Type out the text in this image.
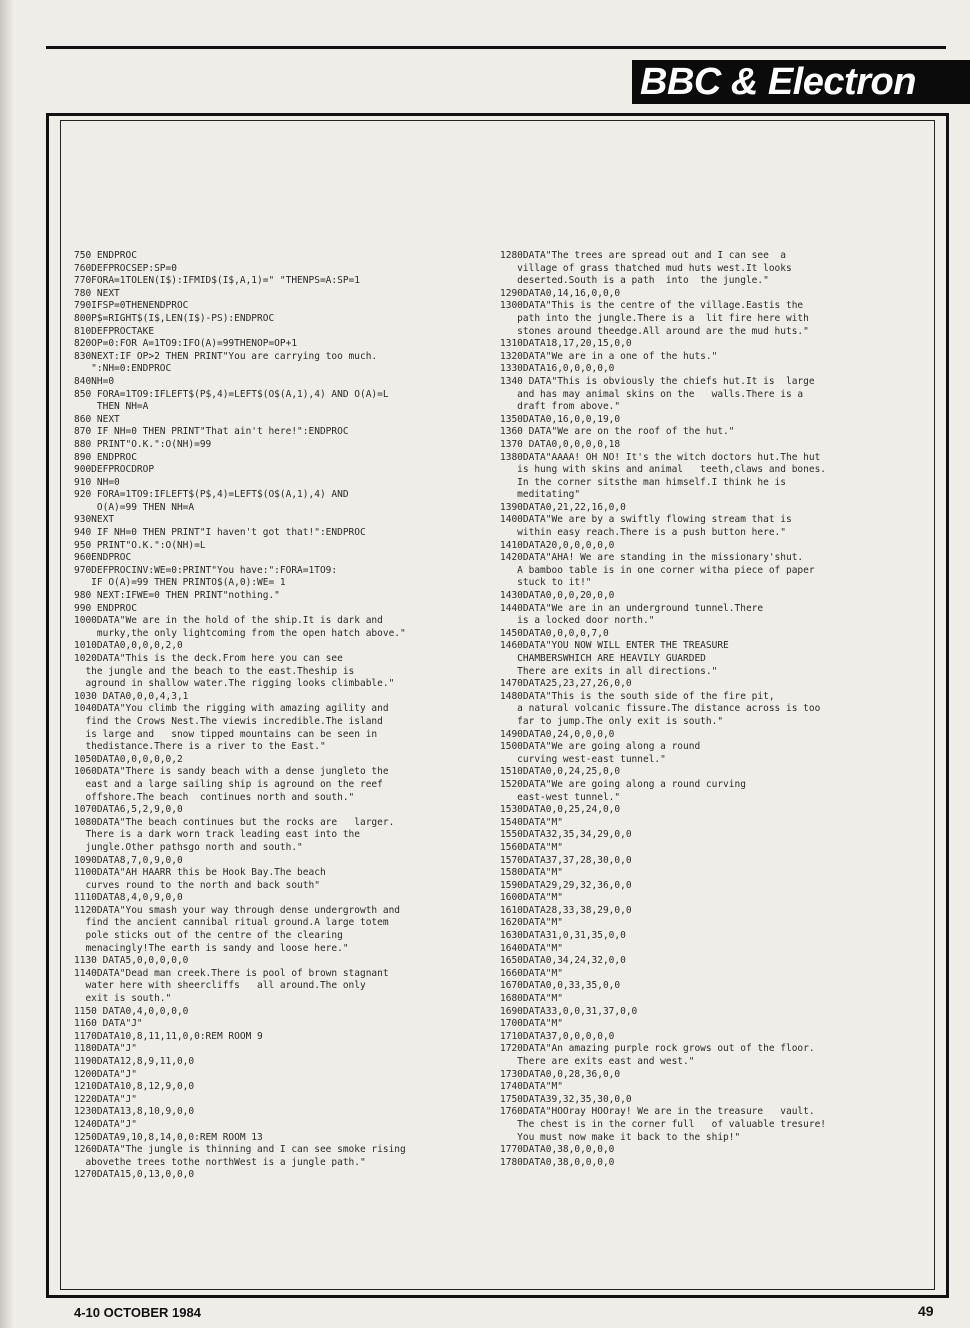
BBC & Electron
750 ENDPROC
760DEFPROCSEP:SP=0
770FORA=1TOLEN(I$):IFMID$(I$,A,1)=" "THENPS=A:SP=1
780 NEXT
790IFSP=0THENENDPROC
800P$=RIGHT$(I$,LEN(I$)-PS):ENDPROC
810DEFPROCTAKE
820OP=0:FOR A=1TO9:IFO(A)=99THENOP=OP+1
830NEXT:IF OP>2 THEN PRINT"You are carrying too much.
":NH=0:ENDPROC
840NH=0
850 FORA=1TO9:IFLEFT$(P$,4)=LEFT$(O$(A,1),4) AND O(A)=L
THEN NH=A
860 NEXT
870 IF NH=0 THEN PRINT"That ain't here!":ENDPROC
880 PRINT"O.K.":O(NH)=99
890 ENDPROC
900DEFPROCDROP
910 NH=0
920 FORA=1TO9:IFLEFT$(P$,4)=LEFT$(O$(A,1),4) AND
O(A)=99 THEN NH=A
930NEXT
940 IF NH=0 THEN PRINT"I haven't got that!":ENDPROC
950 PRINT"O.K.":O(NH)=L
960ENDPROC
970DEFPROCINV:WE=0:PRINT"You have:":FORA=1TO9:
IF O(A)=99 THEN PRINTO$(A,0):WE= 1
980 NEXT:IFWE=0 THEN PRINT"nothing."
990 ENDPROC
1000DATA"We are in the hold of the ship.It is dark and
murky,the only lightcoming from the open hatch above."
1010DATA0,0,0,0,2,0
1020DATA"This is the deck.From here you can see
the jungle and the beach to the east.Theship is
aground in shallow water.The rigging looks climbable."
1030 DATA0,0,0,4,3,1
1040DATA"You climb the rigging with amazing agility and
find the Crows Nest.The viewis incredible.The island
is large and   snow tipped mountains can be seen in
thedistance.There is a river to the East."
1050DATA0,0,0,0,0,2
1060DATA"There is sandy beach with a dense jungleto the
east and a large sailing ship is aground on the reef
offshore.The beach  continues north and south."
1070DATA6,5,2,9,0,0
1080DATA"The beach continues but the rocks are   larger.
There is a dark worn track leading east into the
jungle.Other pathsgo north and south."
1090DATA8,7,0,9,0,0
1100DATA"AH HAARR this be Hook Bay.The beach
curves round to the north and back south"
1110DATA8,4,0,9,0,0
1120DATA"You smash your way through dense undergrowth and
find the ancient cannibal ritual ground.A large totem
pole sticks out of the centre of the clearing
menacingly!The earth is sandy and loose here."
1130 DATA5,0,0,0,0,0
1140DATA"Dead man creek.There is pool of brown stagnant
water here with sheercliffs   all around.The only
exit is south."
1150 DATA0,4,0,0,0,0
1160 DATA"J"
1170DATA10,8,11,11,0,0:REM ROOM 9
1180DATA"J"
1190DATA12,8,9,11,0,0
1200DATA"J"
1210DATA10,8,12,9,0,0
1220DATA"J"
1230DATA13,8,10,9,0,0
1240DATA"J"
1250DATA9,10,8,14,0,0:REM ROOM 13
1260DATA"The jungle is thinning and I can see smoke rising
abovethe trees tothe northWest is a jungle path."
1270DATA15,0,13,0,0,0
1280DATA"The trees are spread out and I can see  a
village of grass thatched mud huts west.It looks
deserted.South is a path  into  the jungle."
1290DATA0,14,16,0,0,0
1300DATA"This is the centre of the village.Eastis the
path into the jungle.There is a  lit fire here with
stones around theedge.All around are the mud huts."
1310DATA18,17,20,15,0,0
1320DATA"We are in a one of the huts."
1330DATA16,0,0,0,0,0
1340 DATA"This is obviously the chiefs hut.It is  large
and has may animal skins on the   walls.There is a
draft from above."
1350DATA0,16,0,0,19,0
1360 DATA"We are on the roof of the hut."
1370 DATA0,0,0,0,0,18
1380DATA"AAAA! OH NO! It's the witch doctors hut.The hut
is hung with skins and animal   teeth,claws and bones.
In the corner sitsthe man himself.I think he is
meditating"
1390DATA0,21,22,16,0,0
1400DATA"We are by a swiftly flowing stream that is
within easy reach.There is a push button here."
1410DATA20,0,0,0,0,0
1420DATA"AHA! We are standing in the missionary'shut.
A bamboo table is in one corner witha piece of paper
stuck to it!"
1430DATA0,0,0,20,0,0
1440DATA"We are in an underground tunnel.There
is a locked door north."
1450DATA0,0,0,0,7,0
1460DATA"YOU NOW WILL ENTER THE TREASURE
CHAMBERSWHICH ARE HEAVILY GUARDED
There are exits in all directions."
1470DATA25,23,27,26,0,0
1480DATA"This is the south side of the fire pit,
a natural volcanic fissure.The distance across is too
far to jump.The only exit is south."
1490DATA0,24,0,0,0,0
1500DATA"We are going along a round
curving west-east tunnel."
1510DATA0,0,24,25,0,0
1520DATA"We are going along a round curving
east-west tunnel."
1530DATA0,0,25,24,0,0
1540DATA"M"
1550DATA32,35,34,29,0,0
1560DATA"M"
1570DATA37,37,28,30,0,0
1580DATA"M"
1590DATA29,29,32,36,0,0
1600DATA"M"
1610DATA28,33,38,29,0,0
1620DATA"M"
1630DATA31,0,31,35,0,0
1640DATA"M"
1650DATA0,34,24,32,0,0
1660DATA"M"
1670DATA0,0,33,35,0,0
1680DATA"M"
1690DATA33,0,0,31,37,0,0
1700DATA"M"
1710DATA37,0,0,0,0,0
1720DATA"An amazing purple rock grows out of the floor.
There are exits east and west."
1730DATA0,0,28,36,0,0
1740DATA"M"
1750DATA39,32,35,30,0,0
1760DATA"HOOray HOOray! We are in the treasure   vault.
The chest is in the corner full   of valuable tresure!
You must now make it back to the ship!"
1770DATA0,38,0,0,0,0
1780DATA0,38,0,0,0,0
4-10 OCTOBER 1984	49
